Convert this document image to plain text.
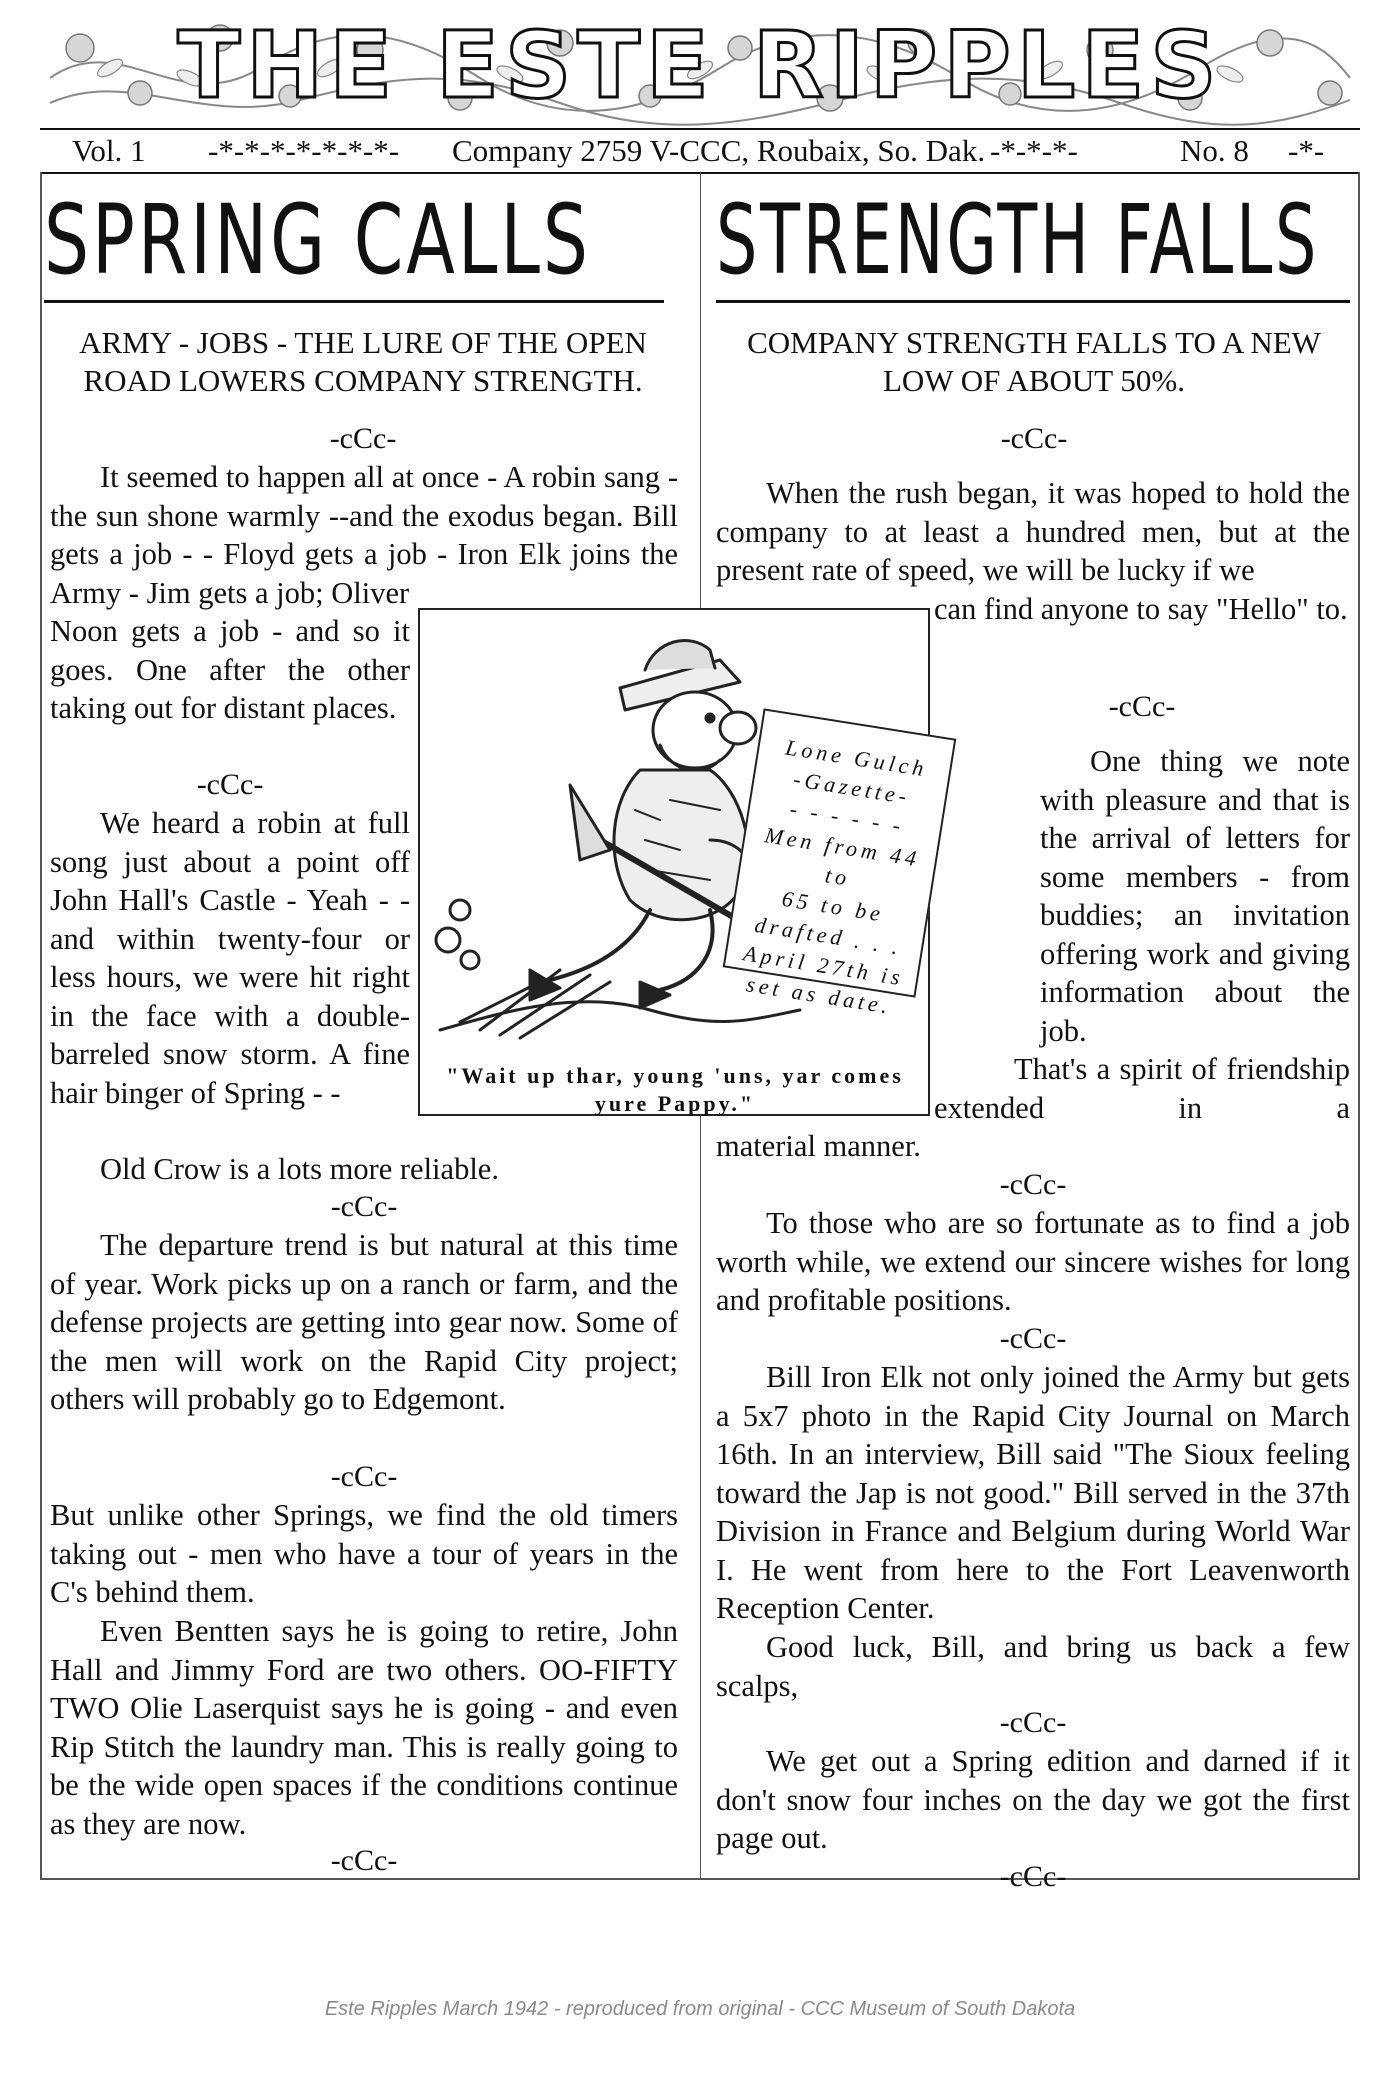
THE ESTE RIPPLES
Vol. 1 -*-*-*-*-*-*-*- Company 2759 V-CCC, Roubaix, So. Dak. -*-*-*-	No. 8 -*-
SPRING CALLS STRENGTH FALLS
ARMY - JOBS - THE LURE OF THE OPEN ROAD LOWERS COMPANY STRENGTH.
-cCc-

It seemed to happen all at once - A robin sang - the sun shone warmly --and the exodus began. Bill gets a job - - Floyd gets a job - Iron Elk joins the Army - Jim gets a job; Oliver

Noon gets a job - and so it goes. One after the other taking out for distant places.

-cCc-

We heard a robin at full song just about a point off John Hall's Castle - Yeah - - and within twenty-four or less hours, we were hit right in the face with a double-barreled snow storm. A fine hair binger of Spring - -

Old Crow is a lots more reliable.

-cCc-

The departure trend is but natural at this time of year. Work picks up on a ranch or farm, and the defense projects are getting into gear now. Some of the men will work on the Rapid City project; others will probably go to Edgemont.

-cCc-

But unlike other Springs, we find the old timers taking out - men who have a tour of years in the C's behind them.

Even Bentten says he is going to retire, John Hall and Jimmy Ford are two others. OO-FIFTY TWO Olie Laserquist says he is going - and even Rip Stitch the laundry man. This is really going to be the wide open spaces if the conditions continue as they are now.

-cCc-
COMPANY STRENGTH FALLS TO A NEW LOW OF ABOUT 50%.
-cCc-

When the rush began, it was hoped to hold the company to at least a hundred men, but at the present rate of speed, we will be lucky if we

can find anyone to say "Hello" to.

-cCc-

One thing we note with pleasure and that is the arrival of letters for some members - from buddies; an invitation offering work and giving information about the job.

That's a spirit of friendship extended in a

material manner.

-cCc-

To those who are so fortunate as to find a job worth while, we extend our sincere wishes for long and profitable positions.

-cCc-

Bill Iron Elk not only joined the Army but gets a 5x7 photo in the Rapid City Journal on March 16th. In an interview, Bill said "The Sioux feeling toward the Jap is not good." Bill served in the 37th Division in France and Belgium during World War I. He went from here to the Fort Leavenworth Reception Center.

Good luck, Bill, and bring us back a few scalps,

-cCc-

We get out a Spring edition and darned if it don't snow four inches on the day we got the first page out.

-cCc-
Lone Gulch
-Gazette-
- - - - - -
Men from 44 to
65 to be
drafted . . .
April 27th is
set as date.
"Wait up thar, young 'uns, yar comes yure Pappy."
Este Ripples March 1942 - reproduced from original - CCC Museum of South Dakota
